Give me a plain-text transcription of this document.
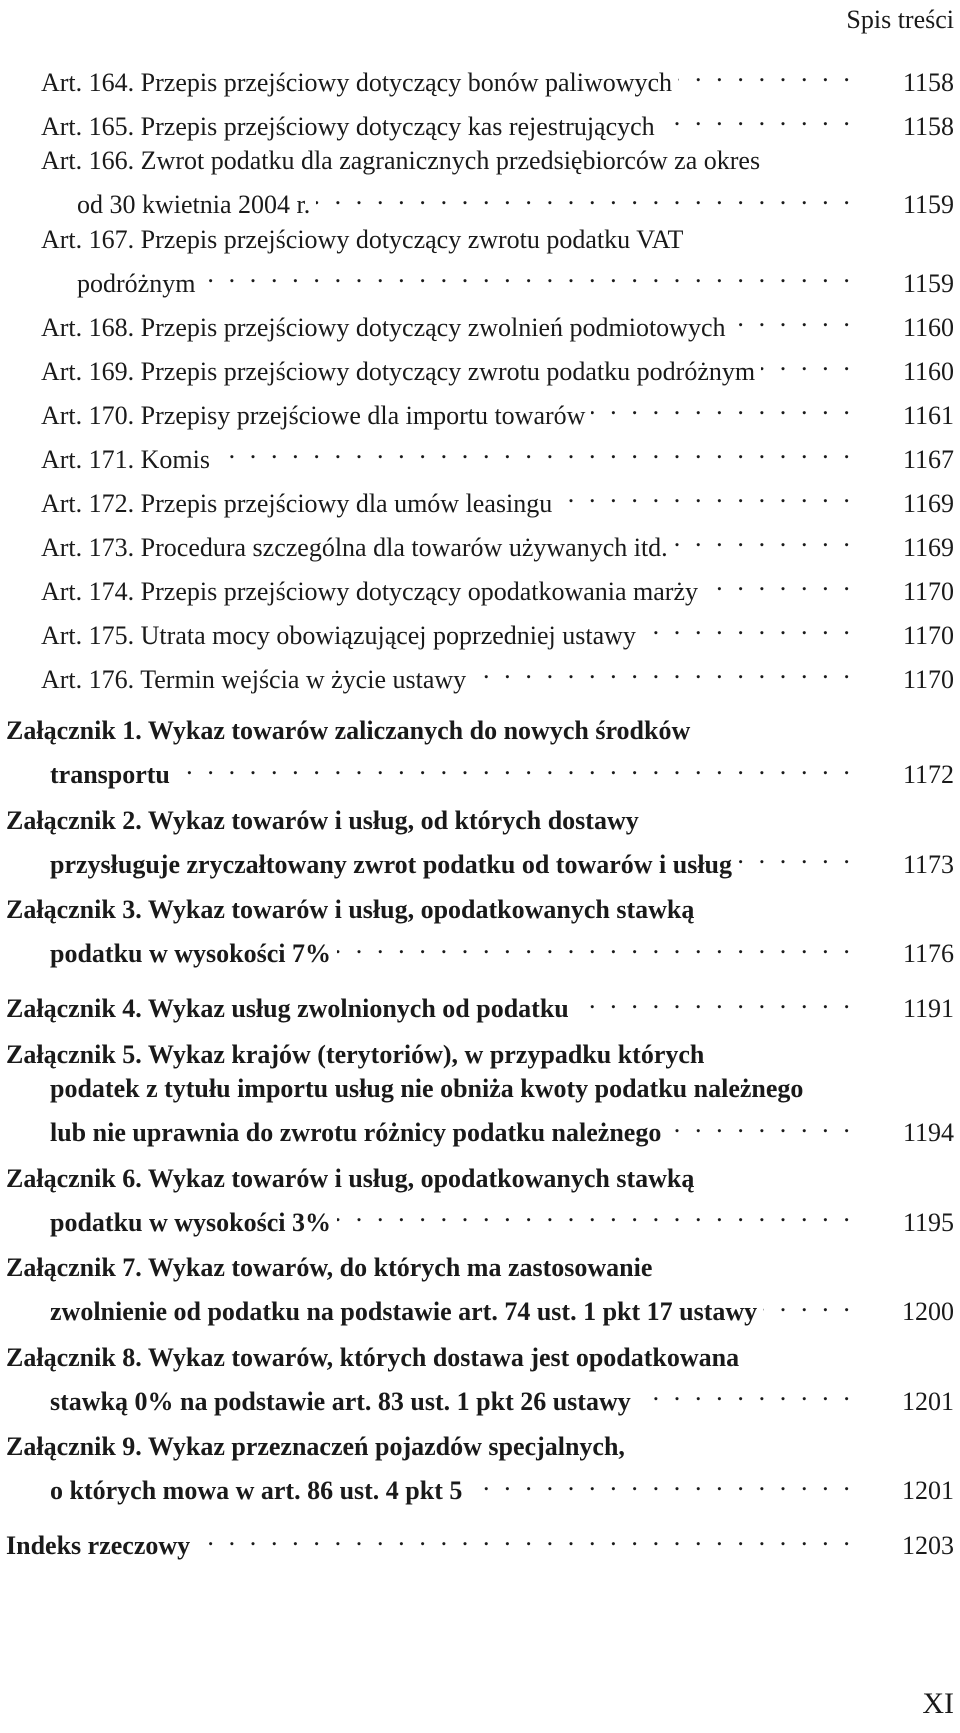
Spis treści
Art. 164. Przepis przejściowy dotyczący bonów paliwowych . . .	1158
Art. 165. Przepis przejściowy dotyczący kas rejestrujących . . .	1158
Art. 166. Zwrot podatku dla zagranicznych przedsiębiorców za okres
od 30 kwietnia 2004 r. . . .	1159
Art. 167. Przepis przejściowy dotyczący zwrotu podatku VAT
podróżnym . . .	1159
Art. 168. Przepis przejściowy dotyczący zwolnień podmiotowych . . .	1160
Art. 169. Przepis przejściowy dotyczący zwrotu podatku podróżnym . . .	1160
Art. 170. Przepisy przejściowe dla importu towarów . . .	1161
Art. 171. Komis . . .	1167
Art. 172. Przepis przejściowy dla umów leasingu . . .	1169
Art. 173. Procedura szczególna dla towarów używanych itd. . . .	1169
Art. 174. Przepis przejściowy dotyczący opodatkowania marży . . .	1170
Art. 175. Utrata mocy obowiązującej poprzedniej ustawy . . .	1170
Art. 176. Termin wejścia w życie ustawy . . .	1170
Załącznik 1. Wykaz towarów zaliczanych do nowych środków
transportu . . .	1172
Załącznik 2. Wykaz towarów i usług, od których dostawy
przysługuje zryczałtowany zwrot podatku od towarów i usług . . .	1173
Załącznik 3. Wykaz towarów i usług, opodatkowanych stawką
podatku w wysokości 7% . . .	1176
Załącznik 4. Wykaz usług zwolnionych od podatku . . .	1191
Załącznik 5. Wykaz krajów (terytoriów), w przypadku których
podatek z tytułu importu usług nie obniża kwoty podatku należnego
lub nie uprawnia do zwrotu różnicy podatku należnego . . .	1194
Załącznik 6. Wykaz towarów i usług, opodatkowanych stawką
podatku w wysokości 3% . . .	1195
Załącznik 7. Wykaz towarów, do których ma zastosowanie
zwolnienie od podatku na podstawie art. 74 ust. 1 pkt 17 ustawy . . .	1200
Załącznik 8. Wykaz towarów, których dostawa jest opodatkowana
stawką 0% na podstawie art. 83 ust. 1 pkt 26 ustawy . . .	1201
Załącznik 9. Wykaz przeznaczeń pojazdów specjalnych,
o których mowa w art. 86 ust. 4 pkt 5 . . .	1201
Indeks rzeczowy . . .	1203
XI
